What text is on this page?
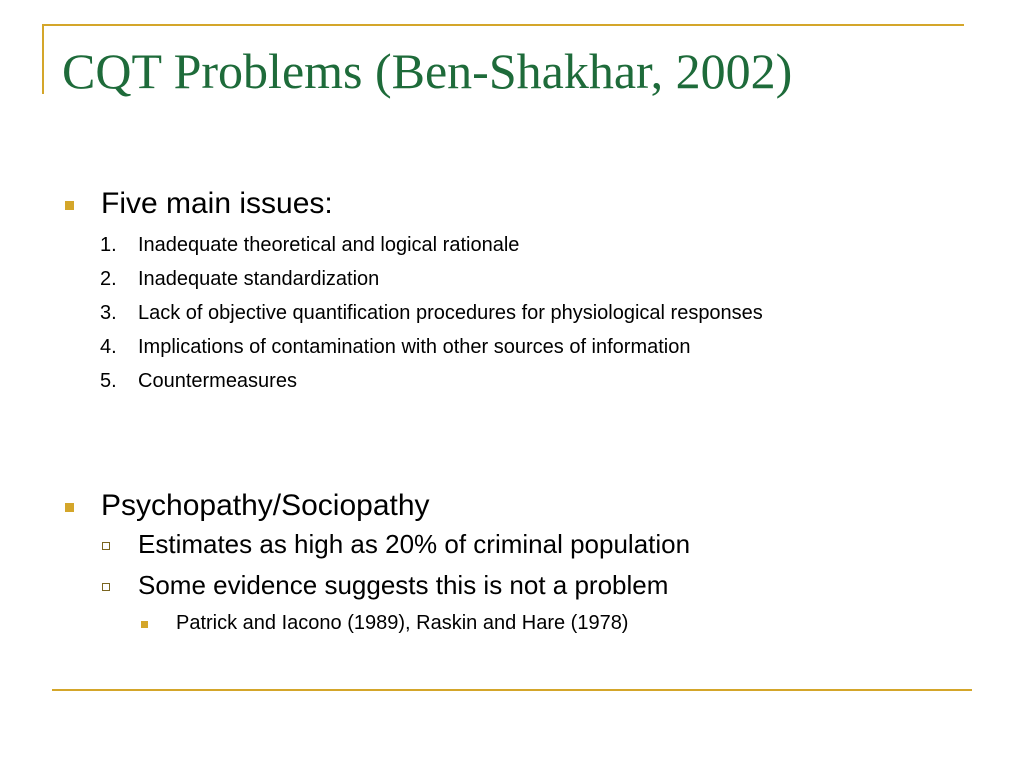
CQT Problems (Ben-Shakhar, 2002)
Five main issues:
1. Inadequate theoretical and logical rationale
2. Inadequate standardization
3. Lack of objective quantification procedures for physiological responses
4. Implications of contamination with other sources of information
5. Countermeasures
Psychopathy/Sociopathy
Estimates as high as 20% of criminal population
Some evidence suggests this is not a problem
Patrick and Iacono (1989), Raskin and Hare (1978)
